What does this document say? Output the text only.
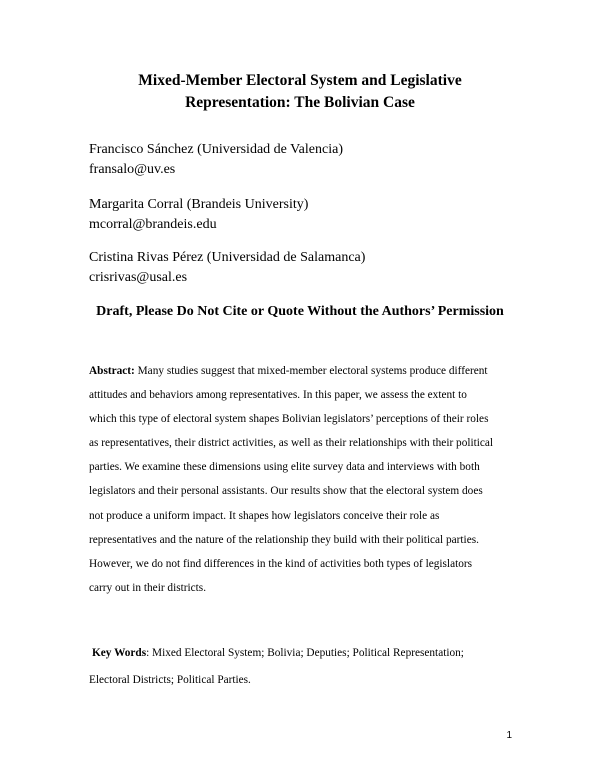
Mixed-Member Electoral System and Legislative
Representation: The Bolivian Case
Francisco Sánchez (Universidad de Valencia)
fransalo@uv.es
Margarita Corral (Brandeis University)
mcorral@brandeis.edu
Cristina Rivas Pérez (Universidad de Salamanca)
crisrivas@usal.es
Draft, Please Do Not Cite or Quote Without the Authors’ Permission
Abstract: Many studies suggest that mixed-member electoral systems produce different
attitudes and behaviors among representatives. In this paper, we assess the extent to
which this type of electoral system shapes Bolivian legislators’ perceptions of their roles
as representatives, their district activities, as well as their relationships with their political
parties. We examine these dimensions using elite survey data and interviews with both
legislators and their personal assistants. Our results show that the electoral system does
not produce a uniform impact. It shapes how legislators conceive their role as
representatives and the nature of the relationship they build with their political parties.
However, we do not find differences in the kind of activities both types of legislators
carry out in their districts.
Key Words: Mixed Electoral System; Bolivia; Deputies; Political Representation;
Electoral Districts; Political Parties.
1
